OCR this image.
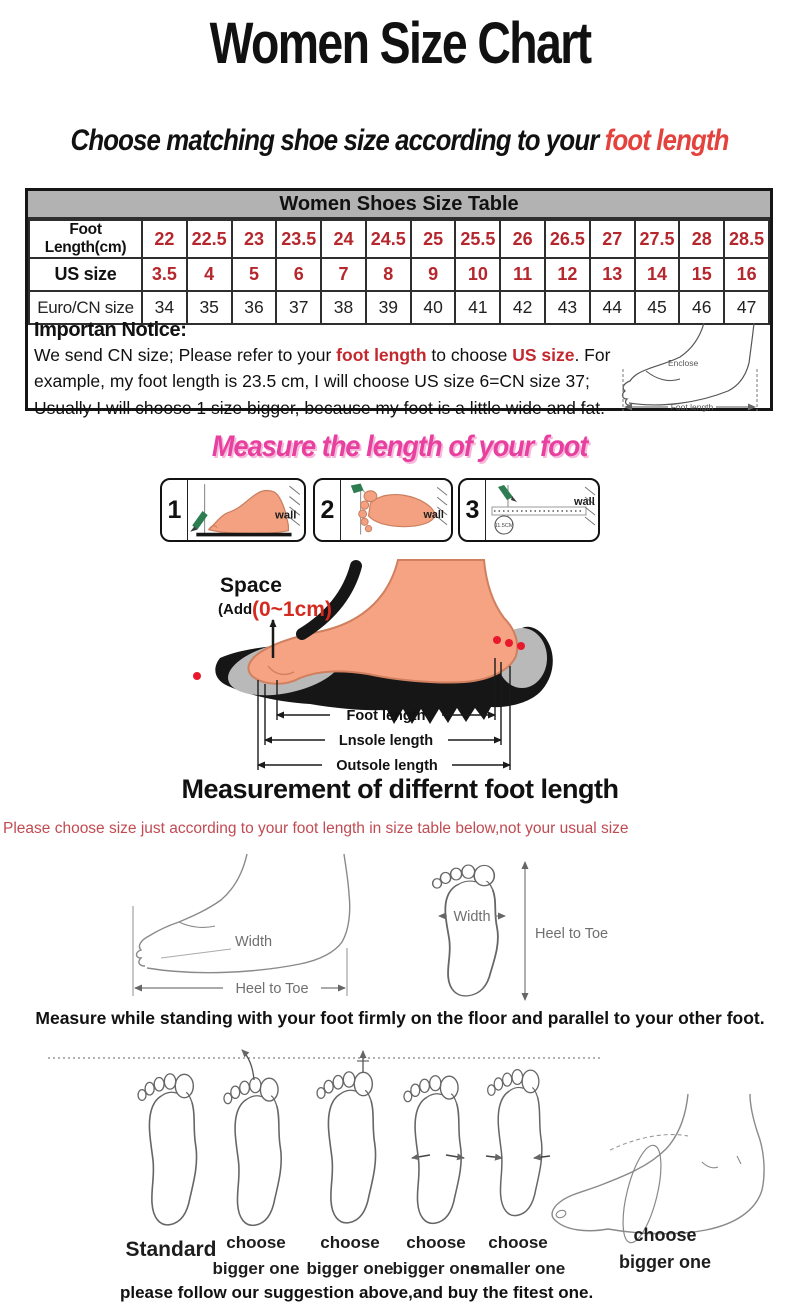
Women Size Chart
Choose matching shoe size according to your foot length
Women Shoes Size Table
Foot Length(cm)	22	22.5	23	23.5	24	24.5	25	25.5	26	26.5	27	27.5	28	28.5
US size	3.5	4	5	6	7	8	9	10	11	12	13	14	15	16
Euro/CN size	34	35	36	37	38	39	40	41	42	43	44	45	46	47
Importan Notice:
We send CN size; Please refer to your foot length to choose US size. For example, my foot length is 23.5 cm, I will choose US size 6=CN size 37; Usually I will choose 1 size bigger, because my foot is a little wide and fat.
Enclose
Foot length
Measure the length of your foot
1	wall 2	wall 3
11.5CM
wall
Space
(Add (0~1cm)
Foot length
Lnsole length
Outsole length
Measurement of differnt foot length
Please choose size just according to your foot length in size table below,not your usual size
Width
Heel to Toe
Width
Heel to Toe
Measure while standing with your foot firmly on the floor and parallel to your other foot.
Standard choose
bigger one
choose
bigger one
choose
bigger one
choose
smaller one
choose
bigger one
please follow our suggestion above,and buy the fitest one.
